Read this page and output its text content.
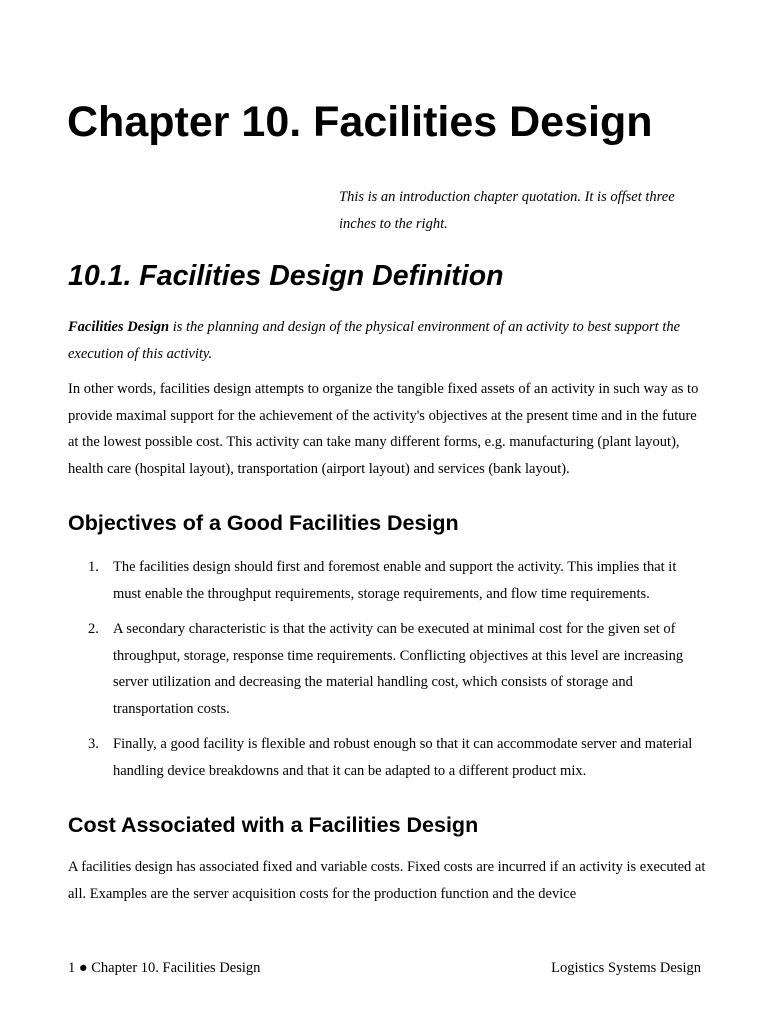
Chapter 10. Facilities Design

This is an introduction chapter quotation. It is offset three inches to the right.

10.1. Facilities Design Definition

Facilities Design is the planning and design of the physical environment of an activity to best support the execution of this activity.

In other words, facilities design attempts to organize the tangible fixed assets of an activity in such way as to provide maximal support for the achievement of the activity's objectives at the present time and in the future at the lowest possible cost. This activity can take many different forms, e.g. manufacturing (plant layout), health care (hospital layout), transportation (airport layout) and services (bank layout).

Objectives of a Good Facilities Design
1. The facilities design should first and foremost enable and support the activity. This implies that it must enable the throughput requirements, storage requirements, and flow time requirements.
2. A secondary characteristic is that the activity can be executed at minimal cost for the given set of throughput, storage, response time requirements. Conflicting objectives at this level are increasing server utilization and decreasing the material handling cost, which consists of storage and transportation costs.
3. Finally, a good facility is flexible and robust enough so that it can accommodate server and material handling device breakdowns and that it can be adapted to a different product mix.
Cost Associated with a Facilities Design

A facilities design has associated fixed and variable costs. Fixed costs are incurred if an activity is executed at all. Examples are the server acquisition costs for the production function and the device

1 ● Chapter 10. Facilities Design	Logistics Systems Design
